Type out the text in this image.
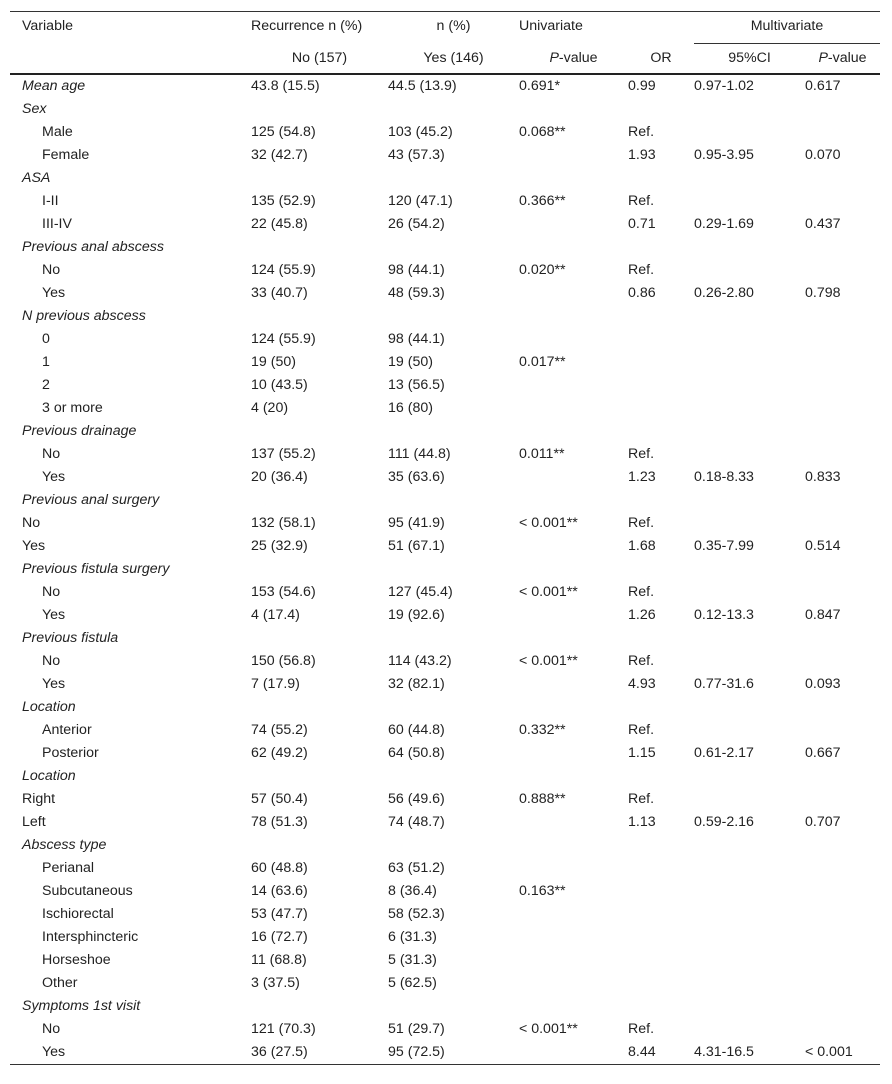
Variable	Recurrence n (%)	n (%)	Univariate		Multivariate	
	No (157)	Yes (146)	P-value	OR	95%CI	P-value
Mean age	43.8 (15.5)	44.5 (13.9)	0.691*	0.99	0.97-1.02	0.617
Sex						
Male	125 (54.8)	103 (45.2)	0.068**	Ref.		
Female	32 (42.7)	43 (57.3)		1.93	0.95-3.95	0.070
ASA						
I-II	135 (52.9)	120 (47.1)	0.366**	Ref.		
III-IV	22 (45.8)	26 (54.2)		0.71	0.29-1.69	0.437
Previous anal abscess						
No	124 (55.9)	98 (44.1)	0.020**	Ref.		
Yes	33 (40.7)	48 (59.3)		0.86	0.26-2.80	0.798
N previous abscess						
0	124 (55.9)	98 (44.1)				
1	19 (50)	19 (50)	0.017**			
2	10 (43.5)	13 (56.5)				
3 or more	4 (20)	16 (80)				
Previous drainage						
No	137 (55.2)	111 (44.8)	0.011**	Ref.		
Yes	20 (36.4)	35 (63.6)		1.23	0.18-8.33	0.833
Previous anal surgery						
No	132 (58.1)	95 (41.9)	< 0.001**	Ref.		
Yes	25 (32.9)	51 (67.1)		1.68	0.35-7.99	0.514
Previous fistula surgery						
No	153 (54.6)	127 (45.4)	< 0.001**	Ref.		
Yes	4 (17.4)	19 (92.6)		1.26	0.12-13.3	0.847
Previous fistula						
No	150 (56.8)	114 (43.2)	< 0.001**	Ref.		
Yes	7 (17.9)	32 (82.1)		4.93	0.77-31.6	0.093
Location						
Anterior	74 (55.2)	60 (44.8)	0.332**	Ref.		
Posterior	62 (49.2)	64 (50.8)		1.15	0.61-2.17	0.667
Location						
Right	57 (50.4)	56 (49.6)	0.888**	Ref.		
Left	78 (51.3)	74 (48.7)		1.13	0.59-2.16	0.707
Abscess type						
Perianal	60 (48.8)	63 (51.2)				
Subcutaneous	14 (63.6)	8 (36.4)	0.163**			
Ischiorectal	53 (47.7)	58 (52.3)				
Intersphincteric	16 (72.7)	6 (31.3)				
Horseshoe	11 (68.8)	5 (31.3)				
Other	3 (37.5)	5 (62.5)				
Symptoms 1st visit						
No	121 (70.3)	51 (29.7)	< 0.001**	Ref.		
Yes	36 (27.5)	95 (72.5)		8.44	4.31-16.5	< 0.001
